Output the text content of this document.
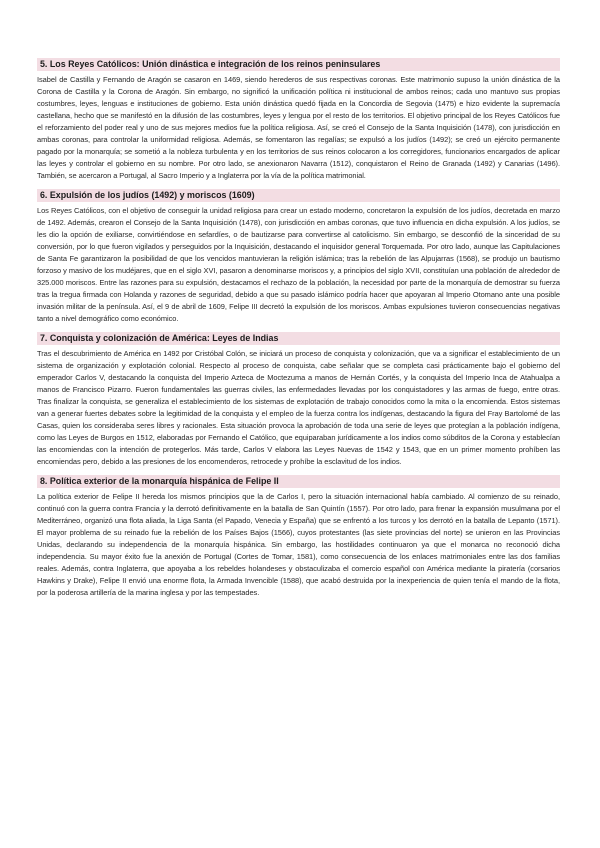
5. Los Reyes Católicos: Unión dinástica e integración de los reinos peninsulares

Isabel de Castilla y Fernando de Aragón se casaron en 1469, siendo herederos de sus respectivas coronas. Este matrimonio supuso la unión dinástica de la Corona de Castilla y la Corona de Aragón. Sin embargo, no significó la unificación política ni institucional de ambos reinos; cada uno mantuvo sus propias costumbres, leyes, lenguas e instituciones de gobierno. Esta unión dinástica quedó fijada en la Concordia de Segovia (1475) e hizo evidente la supremacía castellana, hecho que se manifestó en la difusión de las costumbres, leyes y lengua por el resto de los territorios. El objetivo principal de los Reyes Católicos fue el reforzamiento del poder real y uno de sus mejores medios fue la política religiosa. Así, se creó el Consejo de la Santa Inquisición (1478), con jurisdicción en ambas coronas, para controlar la uniformidad religiosa. Además, se fomentaron las regalías; se expulsó a los judíos (1492); se creó un ejército permanente pagado por la monarquía; se sometió a la nobleza turbulenta y en los territorios de sus reinos colocaron a los corregidores, funcionarios encargados de aplicar las leyes y controlar el gobierno en su nombre. Por otro lado, se anexionaron Navarra (1512), conquistaron el Reino de Granada (1492) y Canarias (1496). También, se acercaron a Portugal, al Sacro Imperio y a Inglaterra por la vía de la política matrimonial.

6. Expulsión de los judíos (1492) y moriscos (1609)

Los Reyes Católicos, con el objetivo de conseguir la unidad religiosa para crear un estado moderno, concretaron la expulsión de los judíos, decretada en marzo de 1492. Además, crearon el Consejo de la Santa Inquisición (1478), con jurisdicción en ambas coronas, que tuvo influencia en dicha expulsión. A los judíos, se les dio la opción de exiliarse, convirtiéndose en sefardíes, o de bautizarse para convertirse al catolicismo. Sin embargo, se desconfió de la sinceridad de su conversión, por lo que fueron vigilados y perseguidos por la Inquisición, destacando el inquisidor general Torquemada. Por otro lado, aunque las Capitulaciones de Santa Fe garantizaron la posibilidad de que los vencidos mantuvieran la religión islámica; tras la rebelión de las Alpujarras (1568), se produjo un bautismo forzoso y masivo de los mudéjares, que en el siglo XVI, pasaron a denominarse moriscos y, a principios del siglo XVII, constituían una población de alrededor de 325.000 moriscos. Entre las razones para su expulsión, destacamos el rechazo de la población, la necesidad por parte de la monarquía de demostrar su fuerza tras la tregua firmada con Holanda y razones de seguridad, debido a que su pasado islámico podría hacer que apoyaran al Imperio Otomano ante una posible invasión militar de la península. Así, el 9 de abril de 1609, Felipe III decretó la expulsión de los moriscos. Ambas expulsiones tuvieron consecuencias negativas tanto a nivel demográfico como económico.

7. Conquista y colonización de América: Leyes de Indias

Tras el descubrimiento de América en 1492 por Cristóbal Colón, se iniciará un proceso de conquista y colonización, que va a significar el establecimiento de un sistema de organización y explotación colonial. Respecto al proceso de conquista, cabe señalar que se completa casi prácticamente bajo el gobierno del emperador Carlos V, destacando la conquista del Imperio Azteca de Moctezuma a manos de Hernán Cortés, y la conquista del Imperio Inca de Atahualpa a manos de Francisco Pizarro. Fueron fundamentales las guerras civiles, las enfermedades llevadas por los conquistadores y las armas de fuego, entre otras. Tras finalizar la conquista, se generaliza el establecimiento de los sistemas de explotación de trabajo conocidos como la mita o la encomienda. Estos sistemas van a generar fuertes debates sobre la legitimidad de la conquista y el empleo de la fuerza contra los indígenas, destacando la figura del Fray Bartolomé de las Casas, quien los consideraba seres libres y racionales. Esta situación provoca la aprobación de toda una serie de leyes que protegían a la población indígena, como las Leyes de Burgos en 1512, elaboradas por Fernando el Católico, que equiparaban jurídicamente a los indios como súbditos de la Corona y establecían las encomiendas con la intención de protegerlos. Más tarde, Carlos V elabora las Leyes Nuevas de 1542 y 1543, que en un primer momento prohíben las encomiendas pero, debido a las presiones de los encomenderos, retrocede y prohíbe la esclavitud de los indios.

8. Política exterior de la monarquía hispánica de Felipe II

La política exterior de Felipe II hereda los mismos principios que la de Carlos I, pero la situación internacional había cambiado. Al comienzo de su reinado, continuó con la guerra contra Francia y la derrotó definitivamente en la batalla de San Quintín (1557). Por otro lado, para frenar la expansión musulmana por el Mediterráneo, organizó una flota aliada, la Liga Santa (el Papado, Venecia y España) que se enfrentó a los turcos y los derrotó en la batalla de Lepanto (1571). El mayor problema de su reinado fue la rebelión de los Países Bajos (1566), cuyos protestantes (las siete provincias del norte) se unieron en las Provincias Unidas, declarando su independencia de la monarquía hispánica. Sin embargo, las hostilidades continuaron ya que el monarca no reconoció dicha independencia. Su mayor éxito fue la anexión de Portugal (Cortes de Tomar, 1581), como consecuencia de los enlaces matrimoniales entre las dos familias reales. Además, contra Inglaterra, que apoyaba a los rebeldes holandeses y obstaculizaba el comercio español con América mediante la piratería (corsarios Hawkins y Drake), Felipe II envió una enorme flota, la Armada Invencible (1588), que acabó destruida por la inexperiencia de quien tenía el mando de la flota, por la poderosa artillería de la marina inglesa y por las tempestades.
